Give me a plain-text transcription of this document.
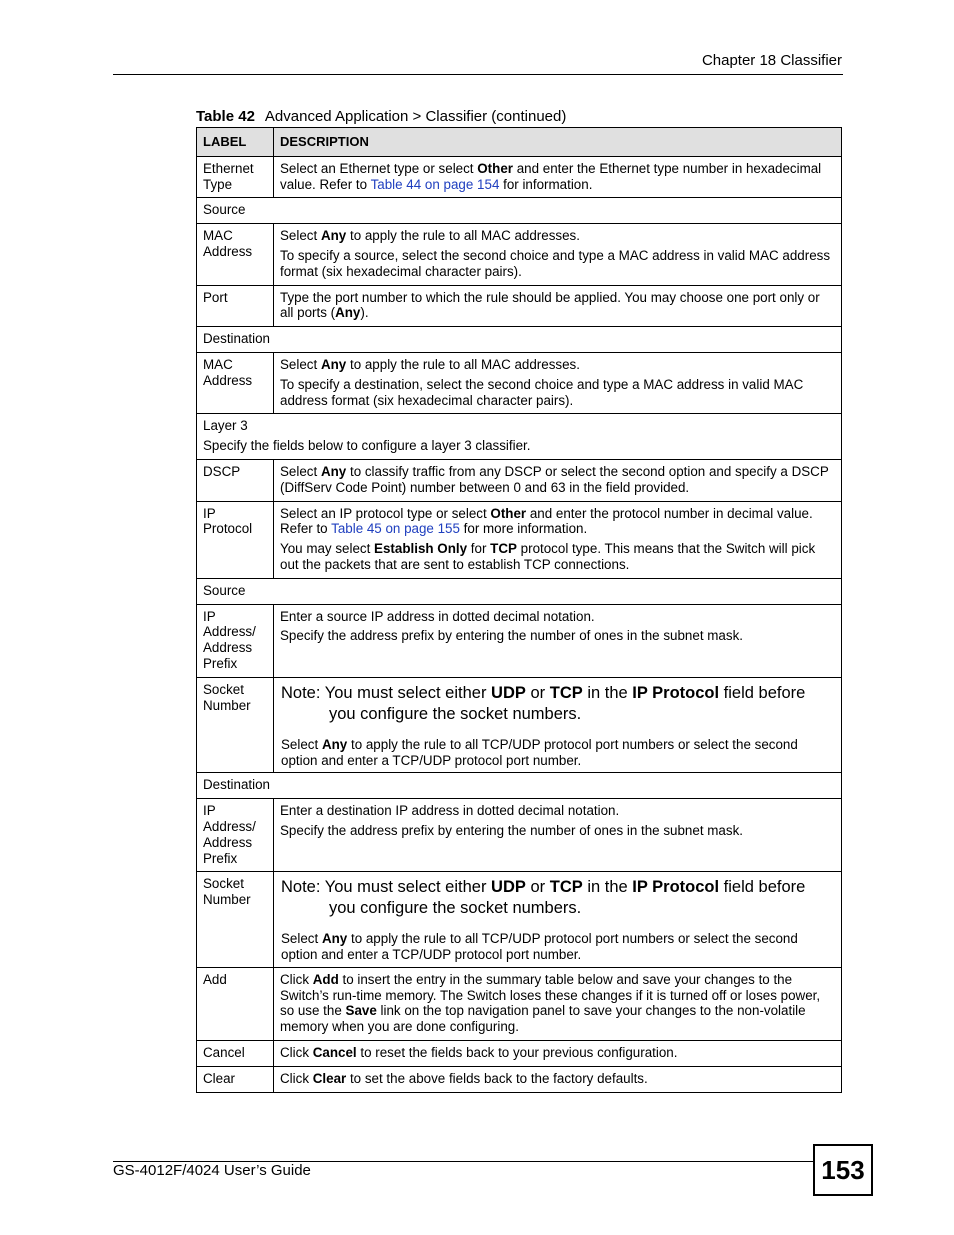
Chapter 18 Classifier
Table 42 Advanced Application > Classifier (continued)
LABEL	DESCRIPTION
Ethernet Type	Select an Ethernet type or select Other and enter the Ethernet type number in hexadecimal value. Refer to Table 44 on page 154 for information.
Source	
MAC Address	Select Any to apply the rule to all MAC addresses.

To specify a source, select the second choice and type a MAC address in valid MAC address format (six hexadecimal character pairs).

Port	Type the port number to which the rule should be applied. You may choose one port only or all ports (Any).
Destination	
MAC Address	Select Any to apply the rule to all MAC addresses.

To specify a destination, select the second choice and type a MAC address in valid MAC address format (six hexadecimal character pairs).

Layer 3

Specify the fields below to configure a layer 3 classifier.	

DSCP	Select Any to classify traffic from any DSCP or select the second option and specify a DSCP (DiffServ Code Point) number between 0 and 63 in the field provided.
IP Protocol	Select an IP protocol type or select Other and enter the protocol number in decimal value. Refer to Table 45 on page 155 for more information.

You may select Establish Only for TCP protocol type. This means that the Switch will pick out the packets that are sent to establish TCP connections.

Source	
IP Address/ Address Prefix	Enter a source IP address in dotted decimal notation.

Specify the address prefix by entering the number of ones in the subnet mask.

Socket Number	Note: You must select either UDP or TCP in the IP Protocol field before
you configure the socket numbers.
Select Any to apply the rule to all TCP/UDP protocol port numbers or select the second option and enter a TCP/UDP protocol port number.

Destination	
IP Address/ Address Prefix	Enter a destination IP address in dotted decimal notation.

Specify the address prefix by entering the number of ones in the subnet mask.

Socket Number	Note: You must select either UDP or TCP in the IP Protocol field before
you configure the socket numbers.
Select Any to apply the rule to all TCP/UDP protocol port numbers or select the second option and enter a TCP/UDP protocol port number.

Add	Click Add to insert the entry in the summary table below and save your changes to the Switch’s run-time memory. The Switch loses these changes if it is turned off or loses power, so use the Save link on the top navigation panel to save your changes to the non-volatile memory when you are done configuring.
Cancel	Click Cancel to reset the fields back to your previous configuration.
Clear	Click Clear to set the above fields back to the factory defaults.
GS-4012F/4024 User’s Guide	153
